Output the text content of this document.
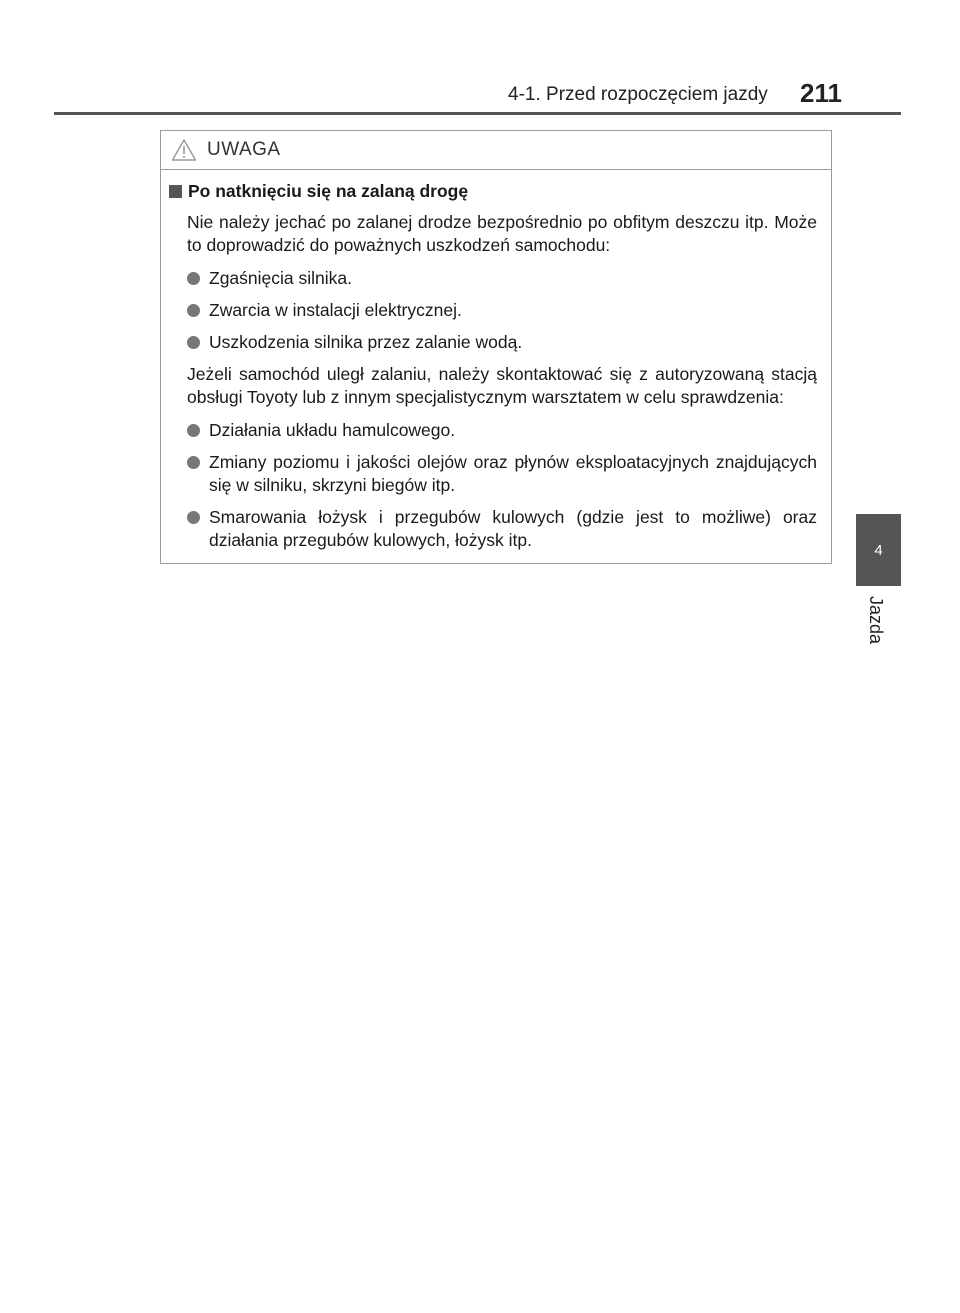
4-1. Przed rozpoczęciem jazdy 211
4
Jazda
UWAGA
Po natknięciu się na zalaną drogę

Nie należy jechać po zalanej drodze bezpośrednio po obfitym deszczu itp. Może to doprowadzić do poważnych uszkodzeń samochodu:

Zgaśnięcia silnika.
Zwarcia w instalacji elektrycznej.
Uszkodzenia silnika przez zalanie wodą.

Jeżeli samochód uległ zalaniu, należy skontaktować się z autoryzowaną stacją obsługi Toyoty lub z innym specjalistycznym warsztatem w celu sprawdzenia:

Działania układu hamulcowego.
Zmiany poziomu i jakości olejów oraz płynów eksploatacyjnych znajdujących się w silniku, skrzyni biegów itp.
Smarowania łożysk i przegubów kulowych (gdzie jest to możliwe) oraz działania przegubów kulowych, łożysk itp.
